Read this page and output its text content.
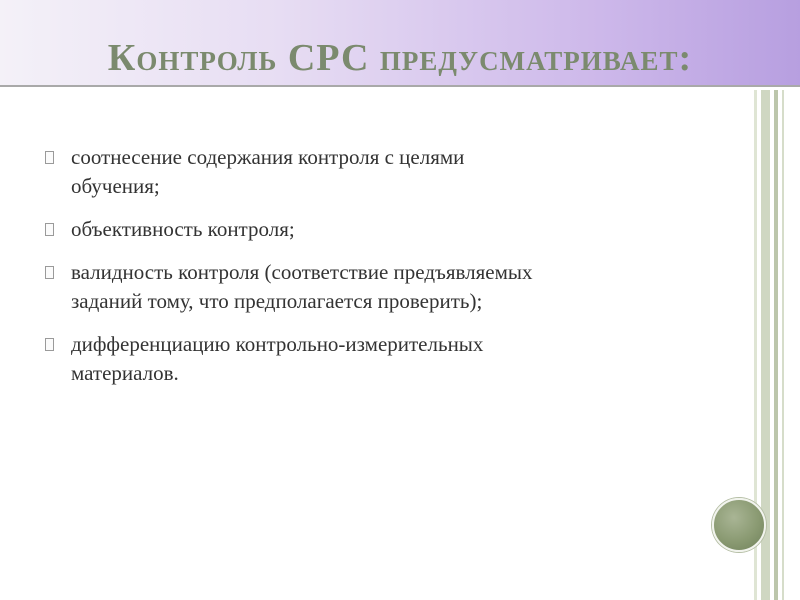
Контроль СРС предусматривает:
соотнесение содержания контроля с целями
обучения;
объективность контроля;
валидность контроля (соответствие предъявляемых
заданий тому, что предполагается проверить);
дифференциацию контрольно-измерительных
материалов.
